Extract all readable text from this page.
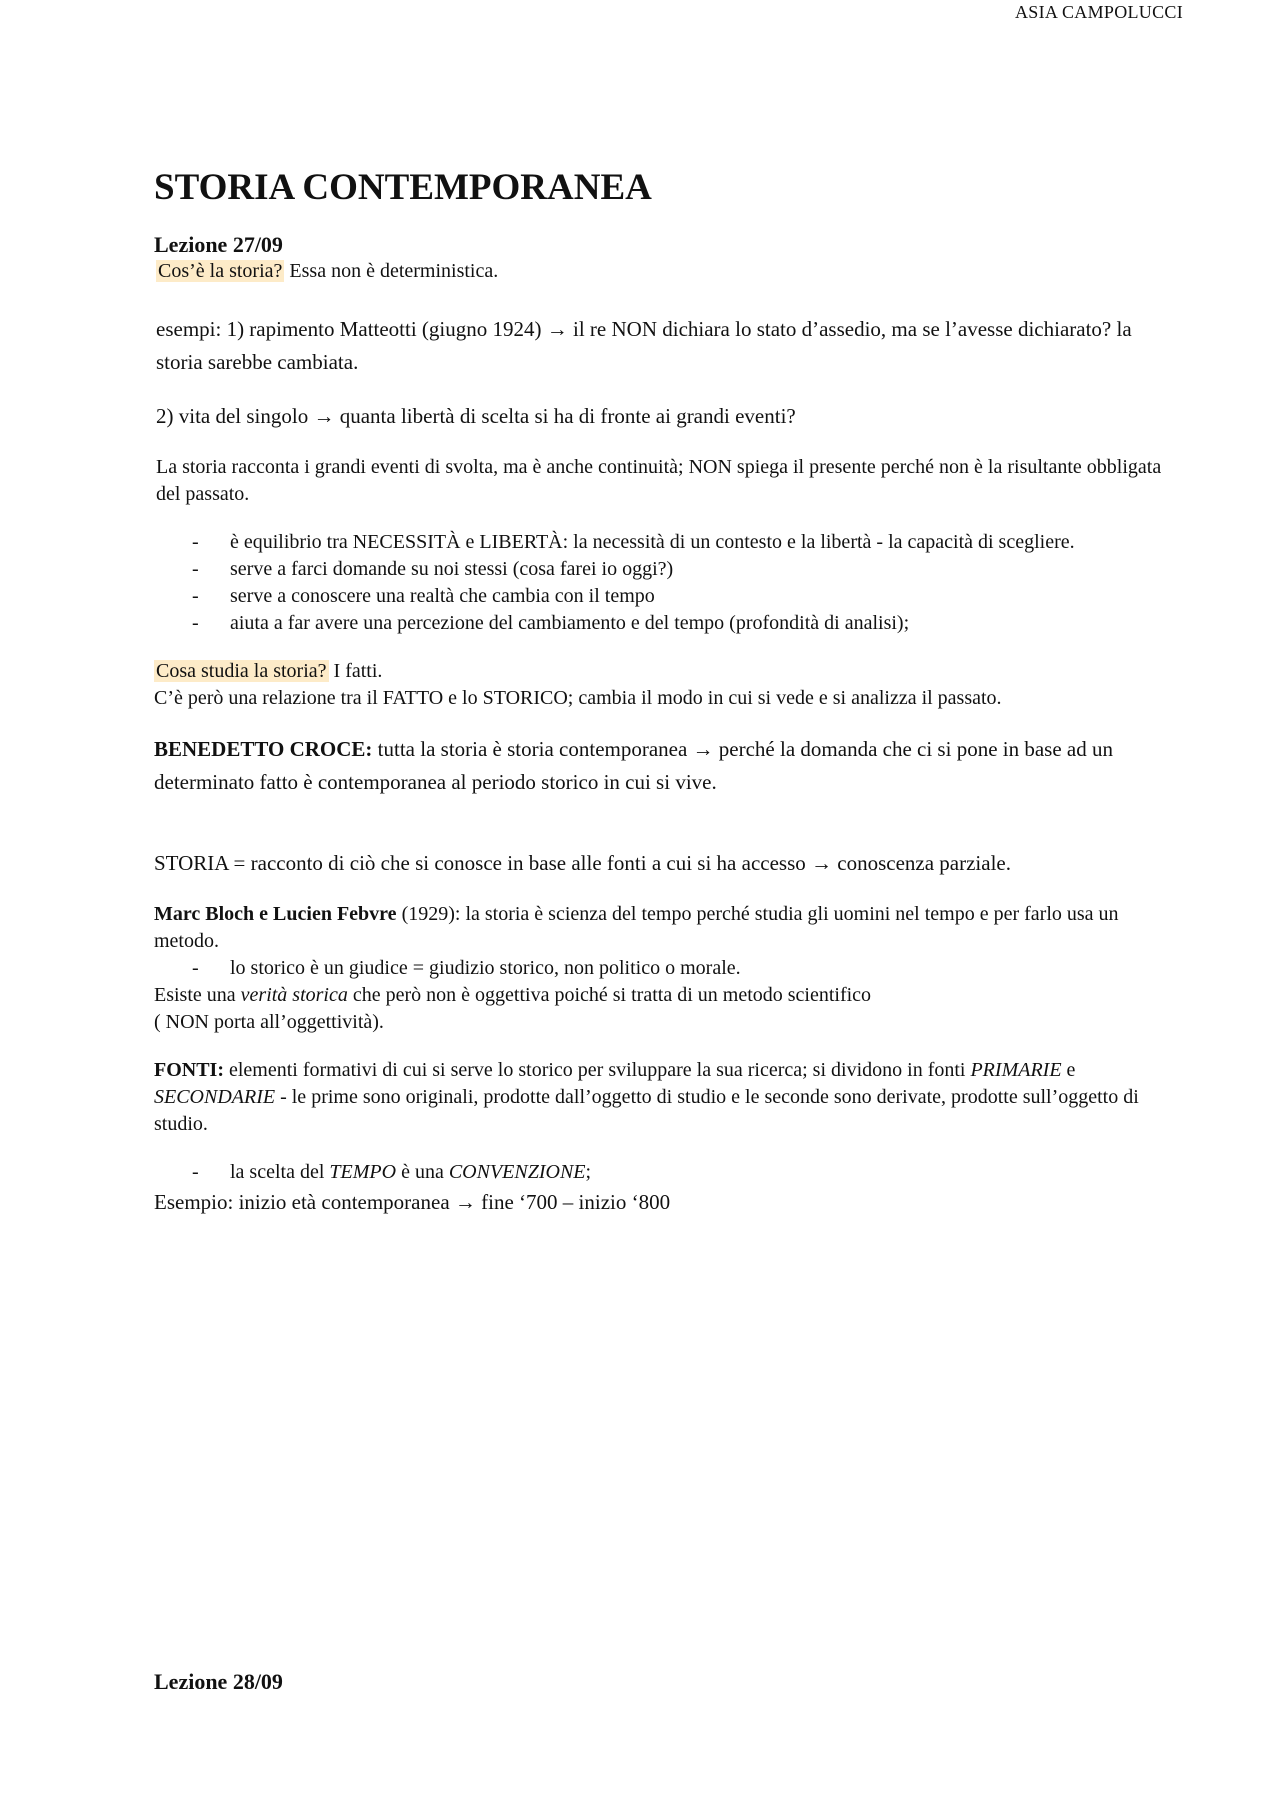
ASIA CAMPOLUCCI
STORIA CONTEMPORANEA
Lezione 27/09

Cos’è la storia? Essa non è deterministica.

esempi: 1) rapimento Matteotti (giugno 1924) → il re NON dichiara lo stato d’assedio, ma se l’avesse dichiarato? la storia sarebbe cambiata.

2) vita del singolo → quanta libertà di scelta si ha di fronte ai grandi eventi?

La storia racconta i grandi eventi di svolta, ma è anche continuità; NON spiega il presente perché non è la risultante obbligata del passato.

- è equilibrio tra NECESSITÀ e LIBERTÀ: la necessità di un contesto e la libertà - la capacità di scegliere.
- serve a farci domande su noi stessi (cosa farei io oggi?)
- serve a conoscere una realtà che cambia con il tempo
- aiuta a far avere una percezione del cambiamento e del tempo (profondità di analisi);

Cosa studia la storia? I fatti.

C’è però una relazione tra il FATTO e lo STORICO; cambia il modo in cui si vede e si analizza il passato.

BENEDETTO CROCE: tutta la storia è storia contemporanea → perché la domanda che ci si pone in base ad un determinato fatto è contemporanea al periodo storico in cui si vive.

STORIA = racconto di ciò che si conosce in base alle fonti a cui si ha accesso → conoscenza parziale.

Marc Bloch e Lucien Febvre (1929): la storia è scienza del tempo perché studia gli uomini nel tempo e per farlo usa un metodo.

- lo storico è un giudice = giudizio storico, non politico o morale.

Esiste una verità storica che però non è oggettiva poiché si tratta di un metodo scientifico

( NON porta all’oggettività).

FONTI: elementi formativi di cui si serve lo storico per sviluppare la sua ricerca; si dividono in fonti PRIMARIE e SECONDARIE - le prime sono originali, prodotte dall’oggetto di studio e le seconde sono derivate, prodotte sull’oggetto di studio.

- la scelta del TEMPO è una CONVENZIONE;

Esempio: inizio età contemporanea → fine ‘700 – inizio ‘800

Lezione 28/09
